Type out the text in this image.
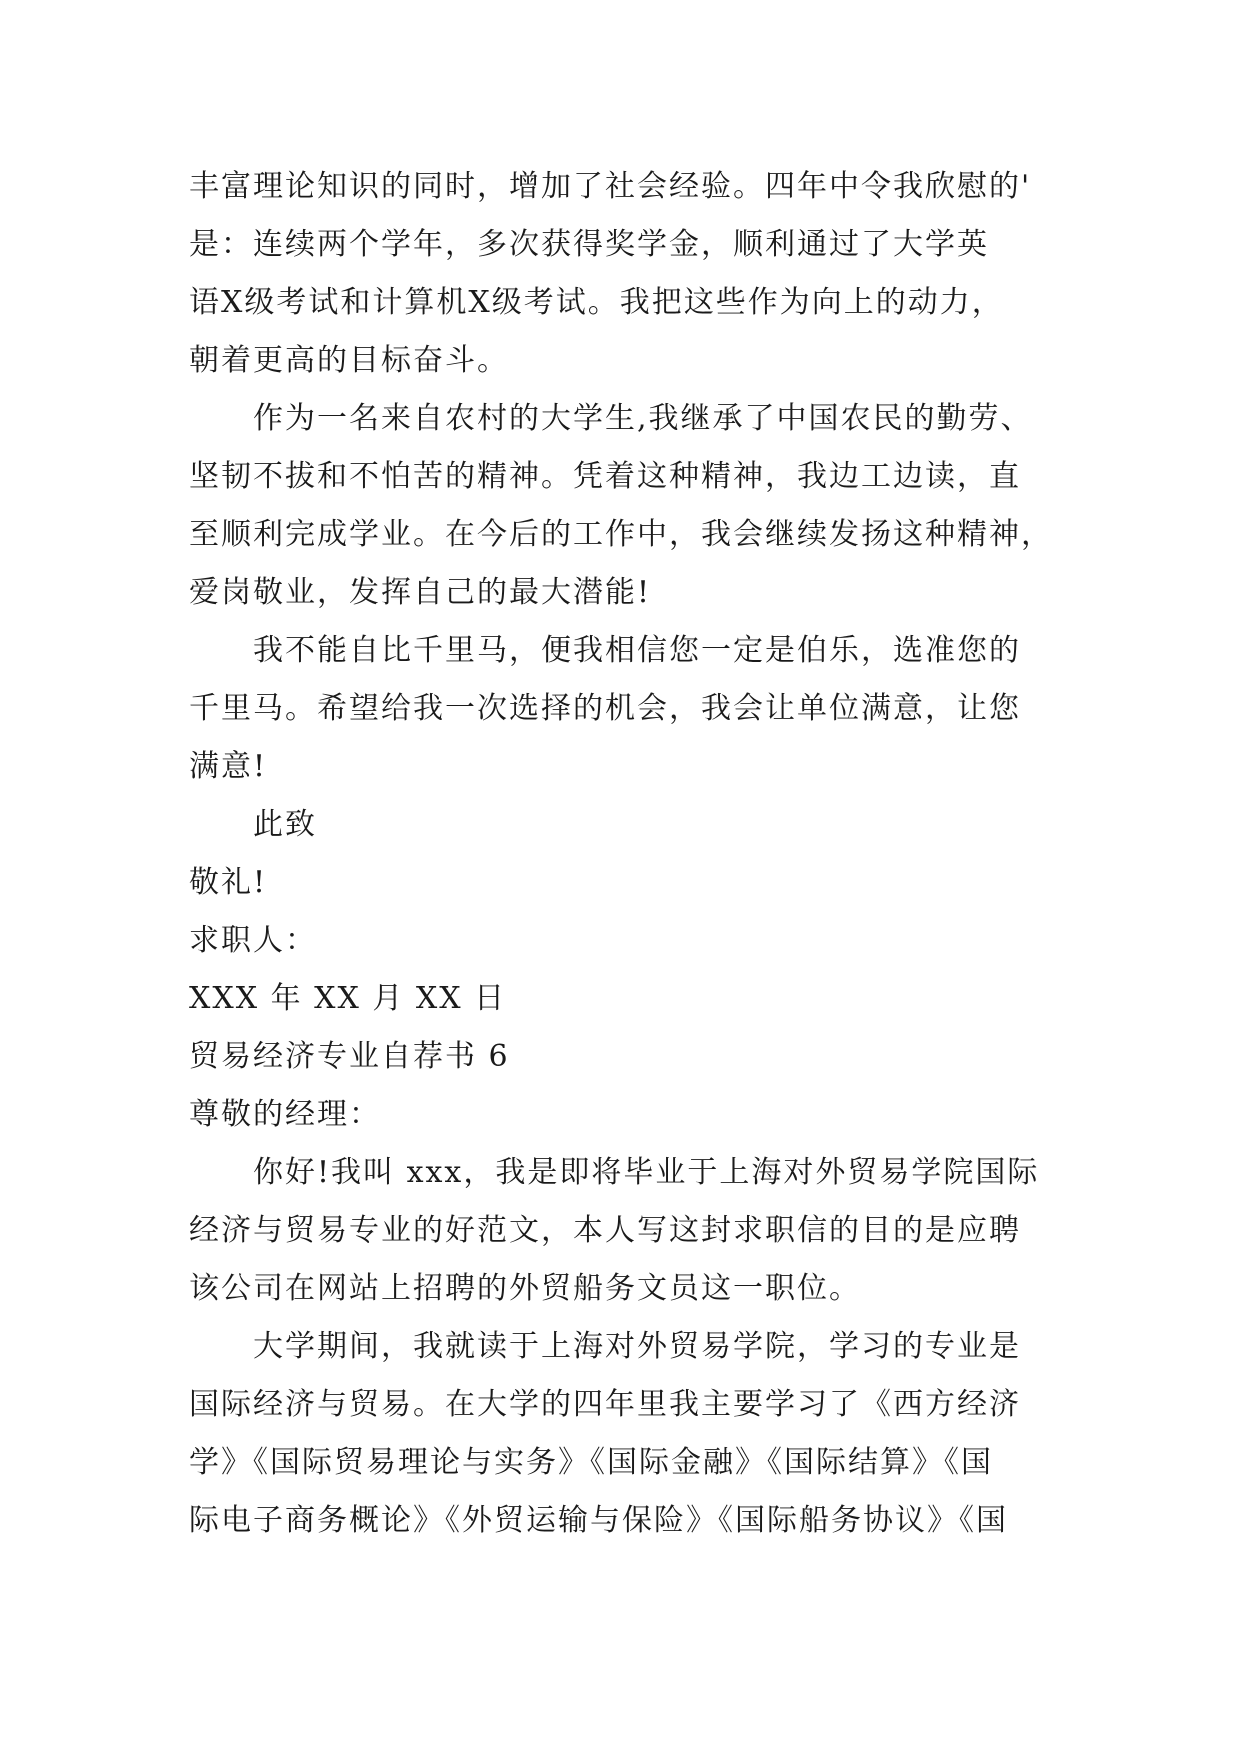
丰富理论知识的同时，增加了社会经验。四年中令我欣慰的'
是：连续两个学年，多次获得奖学金，顺利通过了大学英
语X级考试和计算机X级考试。我把这些作为向上的动力，
朝着更高的目标奋斗。
作为一名来自农村的大学生,我继承了中国农民的勤劳、
坚韧不拔和不怕苦的精神。凭着这种精神，我边工边读，直
至顺利完成学业。在今后的工作中，我会继续发扬这种精神，
爱岗敬业，发挥自己的最大潜能!
我不能自比千里马，便我相信您一定是伯乐，选准您的
千里马。希望给我一次选择的机会，我会让单位满意，让您
满意!
此致
敬礼!
求职人：
XXX 年 XX 月 XX 日
贸易经济专业自荐书 6
尊敬的经理：
你好!我叫 xxx，我是即将毕业于上海对外贸易学院国际
经济与贸易专业的好范文，本人写这封求职信的目的是应聘
该公司在网站上招聘的外贸船务文员这一职位。
大学期间，我就读于上海对外贸易学院，学习的专业是
国际经济与贸易。在大学的四年里我主要学习了《西方经济
学》《国际贸易理论与实务》《国际金融》《国际结算》《国
际电子商务概论》《外贸运输与保险》《国际船务协议》《国
